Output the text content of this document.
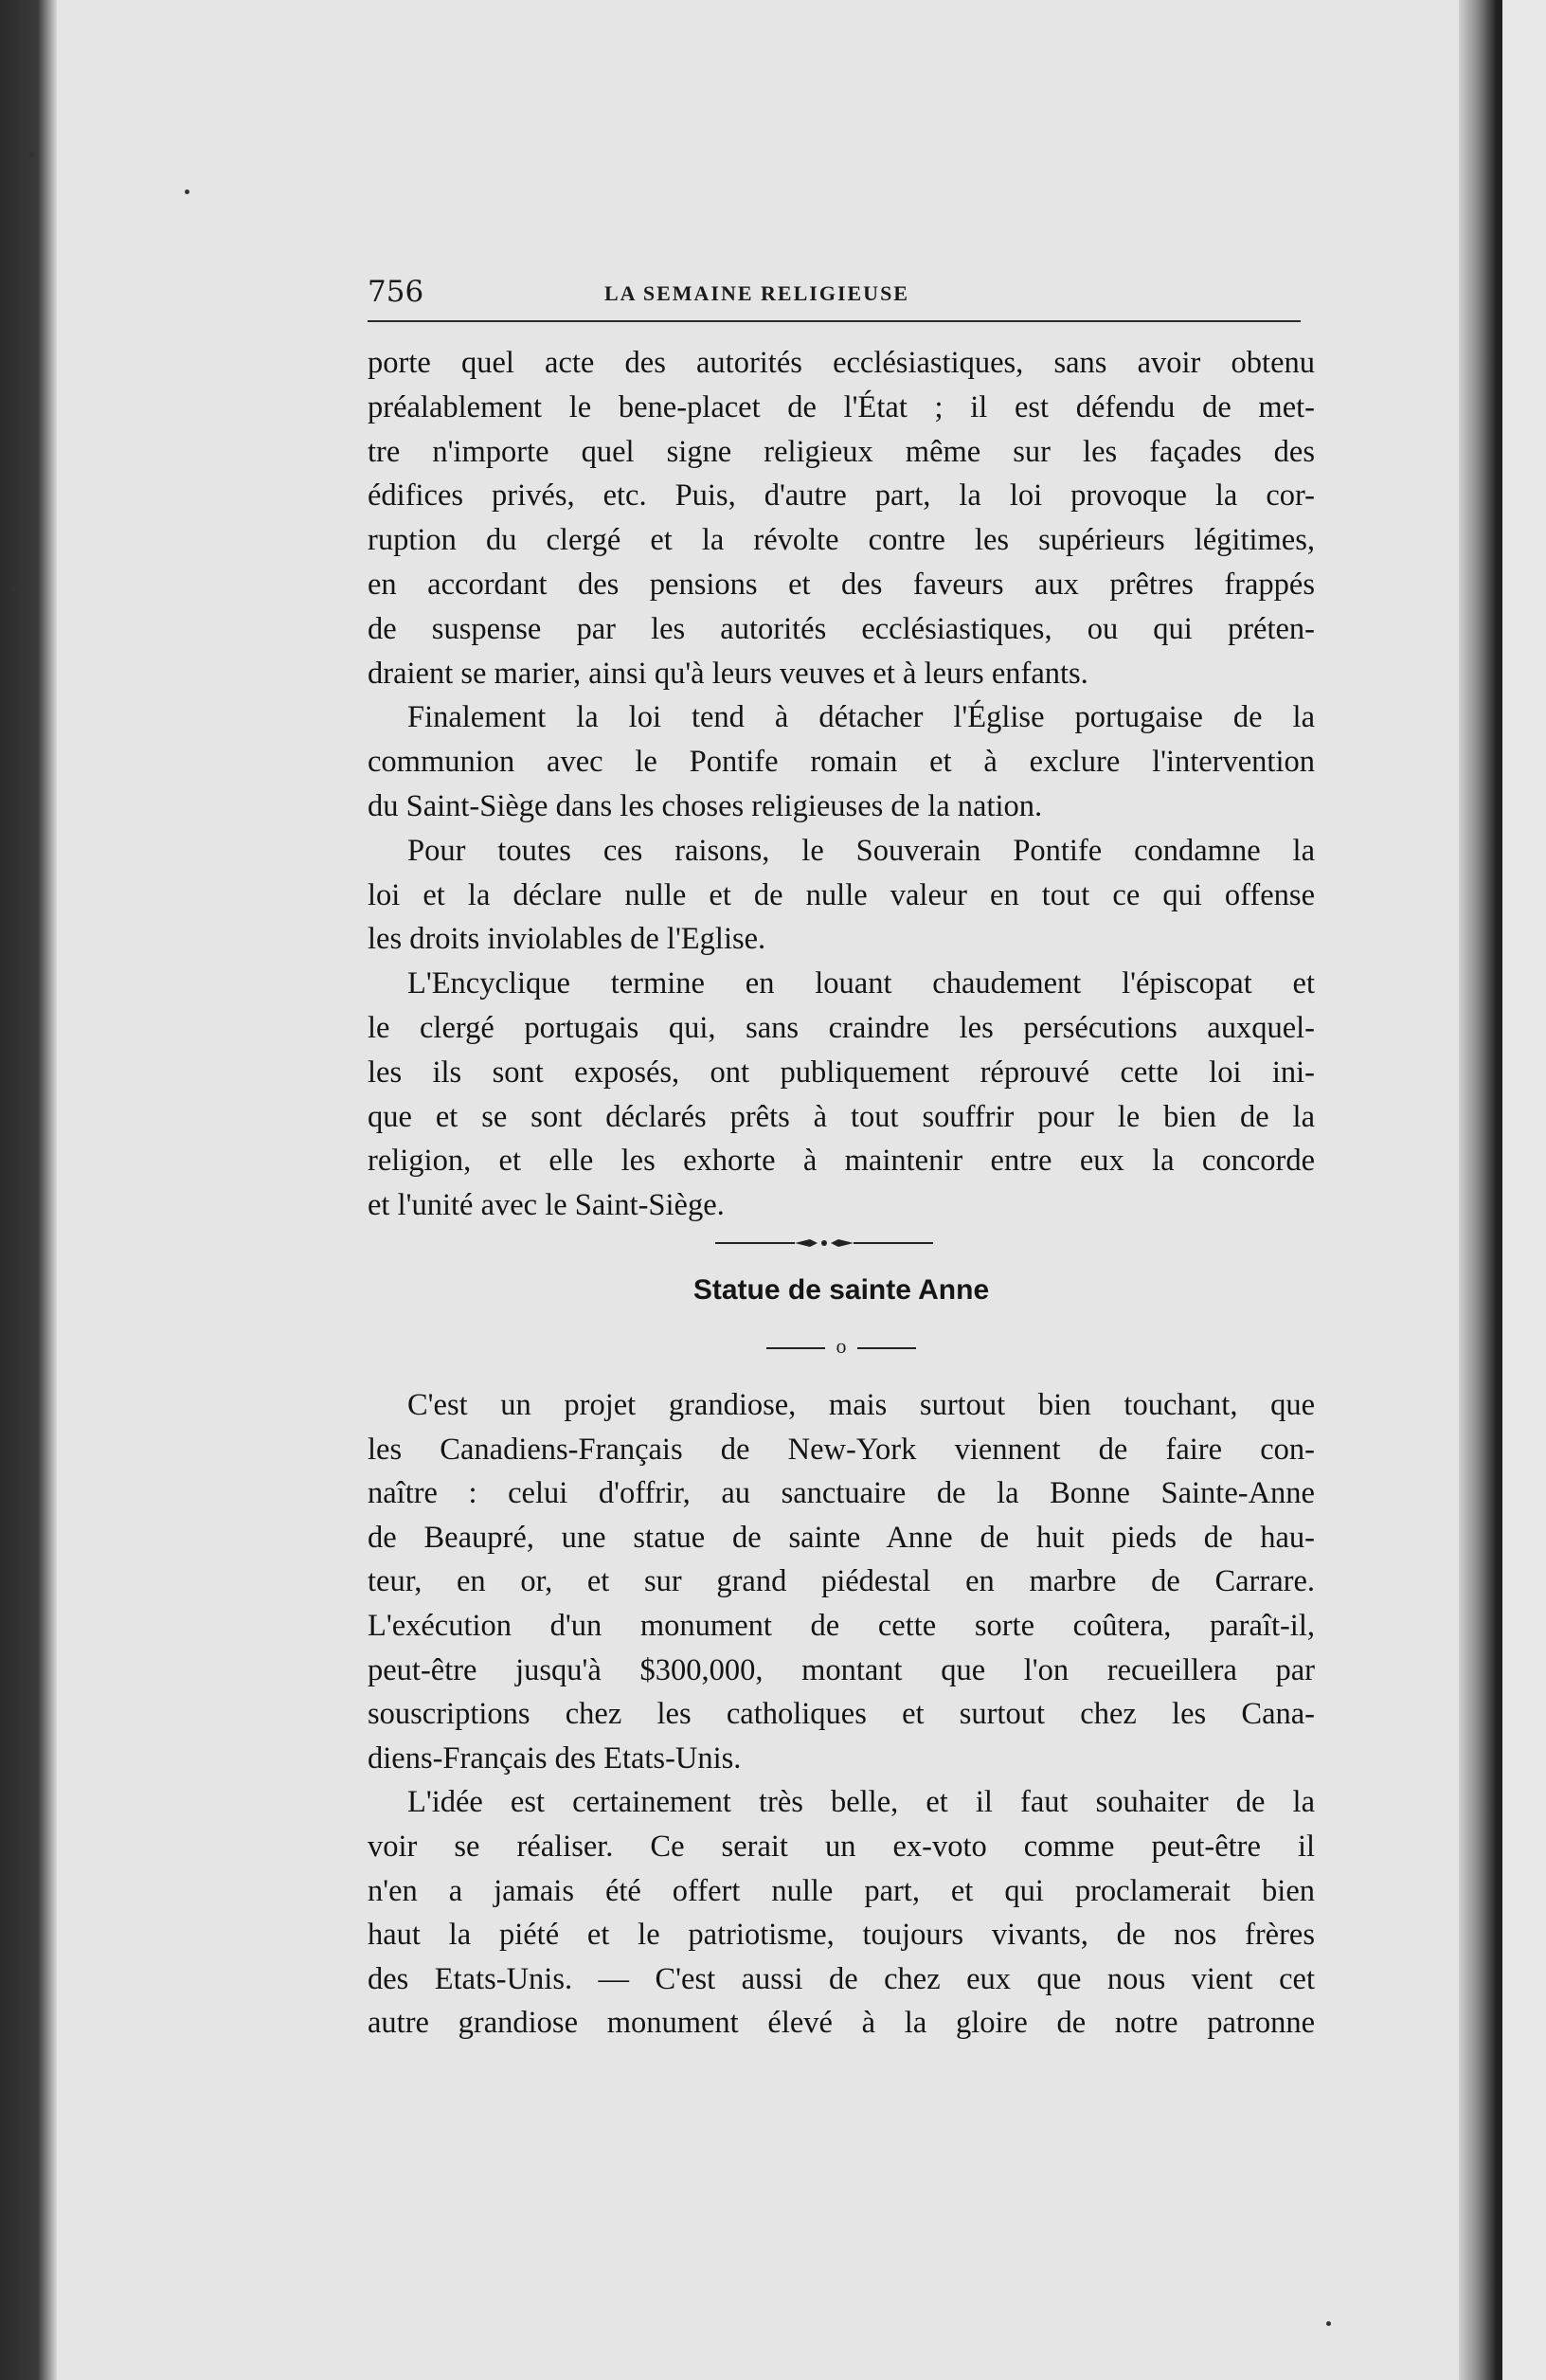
756	LA SEMAINE RELIGIEUSE
porte quel acte des autorités ecclésiastiques, sans avoir obtenu
préalablement le bene-placet de l'État ; il est défendu de met-
tre n'importe quel signe religieux même sur les façades des
édifices privés, etc. Puis, d'autre part, la loi provoque la cor-
ruption du clergé et la révolte contre les supérieurs légitimes,
en accordant des pensions et des faveurs aux prêtres frappés
de suspense par les autorités ecclésiastiques, ou qui préten-
draient se marier, ainsi qu'à leurs veuves et à leurs enfants.
Finalement la loi tend à détacher l'Église portugaise de la
communion avec le Pontife romain et à exclure l'intervention
du Saint-Siège dans les choses religieuses de la nation.
Pour toutes ces raisons, le Souverain Pontife condamne la
loi et la déclare nulle et de nulle valeur en tout ce qui offense
les droits inviolables de l'Eglise.
L'Encyclique termine en louant chaudement l'épiscopat et
le clergé portugais qui, sans craindre les persécutions auxquel-
les ils sont exposés, ont publiquement réprouvé cette loi ini-
que et se sont déclarés prêts à tout souffrir pour le bien de la
religion, et elle les exhorte à maintenir entre eux la concorde
et l'unité avec le Saint-Siège.
Statue de sainte Anne
o
C'est un projet grandiose, mais surtout bien touchant, que
les Canadiens-Français de New-York viennent de faire con-
naître : celui d'offrir, au sanctuaire de la Bonne Sainte-Anne
de Beaupré, une statue de sainte Anne de huit pieds de hau-
teur, en or, et sur grand piédestal en marbre de Carrare.
L'exécution d'un monument de cette sorte coûtera, paraît-il,
peut-être jusqu'à $300,000, montant que l'on recueillera par
souscriptions chez les catholiques et surtout chez les Cana-
diens-Français des Etats-Unis.
L'idée est certainement très belle, et il faut souhaiter de la
voir se réaliser. Ce serait un ex-voto comme peut-être il
n'en a jamais été offert nulle part, et qui proclamerait bien
haut la piété et le patriotisme, toujours vivants, de nos frères
des Etats-Unis. — C'est aussi de chez eux que nous vient cet
autre grandiose monument élevé à la gloire de notre patronne
